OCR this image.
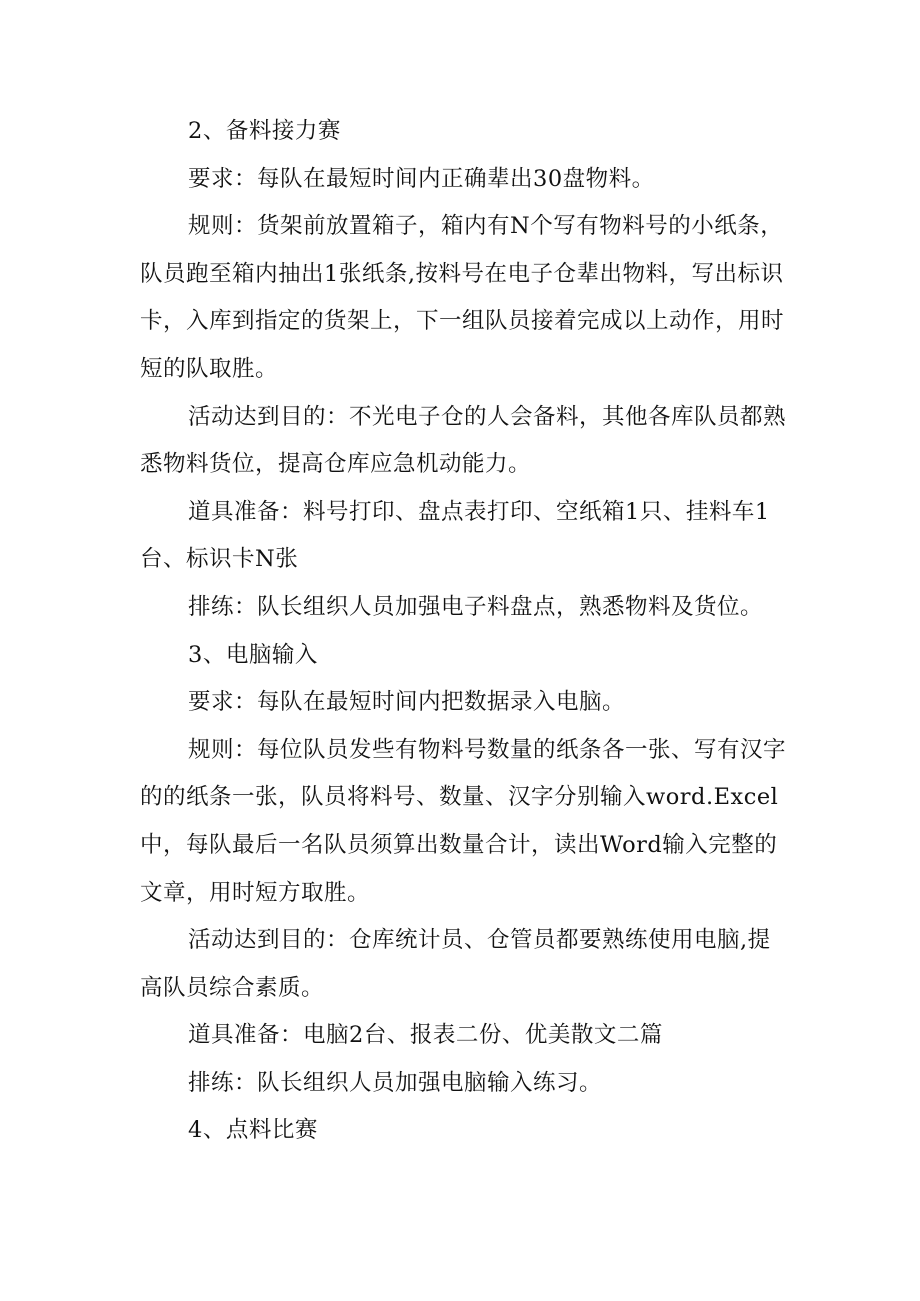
2、备料接力赛

要求：每队在最短时间内正确辈出30盘物料。

规则：货架前放置箱子，箱内有N个写有物料号的小纸条，队员跑至箱内抽出1张纸条,按料号在电子仓辈出物料，写出标识卡，入库到指定的货架上，下一组队员接着完成以上动作，用时短的队取胜。

活动达到目的：不光电子仓的人会备料，其他各库队员都熟悉物料货位，提高仓库应急机动能力。

道具准备：料号打印、盘点表打印、空纸箱1只、挂料车1台、标识卡N张

排练：队长组织人员加强电子料盘点，熟悉物料及货位。

3、电脑输入

要求：每队在最短时间内把数据录入电脑。

规则：每位队员发些有物料号数量的纸条各一张、写有汉字的的纸条一张，队员将料号、数量、汉字分别输入word.Excel中，每队最后一名队员须算出数量合计，读出Word输入完整的文章，用时短方取胜。

活动达到目的：仓库统计员、仓管员都要熟练使用电脑,提高队员综合素质。

道具准备：电脑2台、报表二份、优美散文二篇

排练：队长组织人员加强电脑输入练习。

4、点料比赛
